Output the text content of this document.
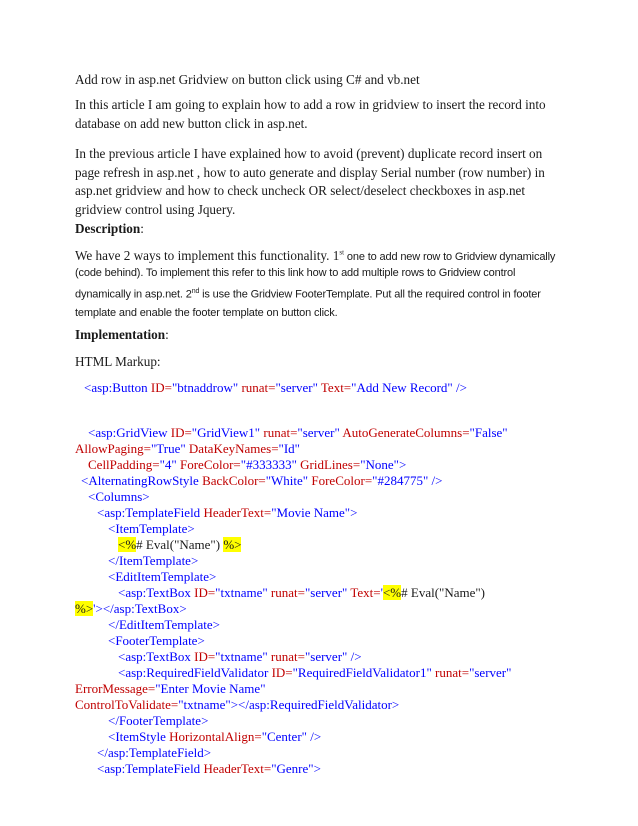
Add row in asp.net Gridview on button click using C# and vb.net
In this article I am going to explain how to add a row in gridview to insert the record into
database on add new button click in asp.net.
In the previous article I have explained how to avoid (prevent) duplicate record insert on
page refresh in asp.net , how to auto generate and display Serial number (row number) in
asp.net gridview and how to check uncheck OR select/deselect checkboxes in asp.net
gridview control using Jquery.
Description:
We have 2 ways to implement this functionality. 1st one to add new row to Gridview dynamically
(code behind). To implement this refer to this link how to add multiple rows to Gridview control
dynamically in asp.net. 2nd is use the Gridview FooterTemplate. Put all the required control in footer
template and enable the footer template on button click.
Implementation:
HTML Markup:
<asp:Button ID="btnaddrow" runat="server" Text="Add New Record" />
<asp:GridView ID="GridView1" runat="server" AutoGenerateColumns="False"
AllowPaging="True" DataKeyNames="Id"
CellPadding="4" ForeColor="#333333" GridLines="None">
<AlternatingRowStyle BackColor="White" ForeColor="#284775" />
<Columns>
<asp:TemplateField HeaderText="Movie Name">
<ItemTemplate>
<%# Eval("Name") %>
</ItemTemplate>
<EditItemTemplate>
<asp:TextBox ID="txtname" runat="server" Text='<%# Eval("Name")
%>'></asp:TextBox>
</EditItemTemplate>
<FooterTemplate>
<asp:TextBox ID="txtname" runat="server" />
<asp:RequiredFieldValidator ID="RequiredFieldValidator1" runat="server"
ErrorMessage="Enter Movie Name"
ControlToValidate="txtname"></asp:RequiredFieldValidator>
</FooterTemplate>
<ItemStyle HorizontalAlign="Center" />
</asp:TemplateField>
<asp:TemplateField HeaderText="Genre">
